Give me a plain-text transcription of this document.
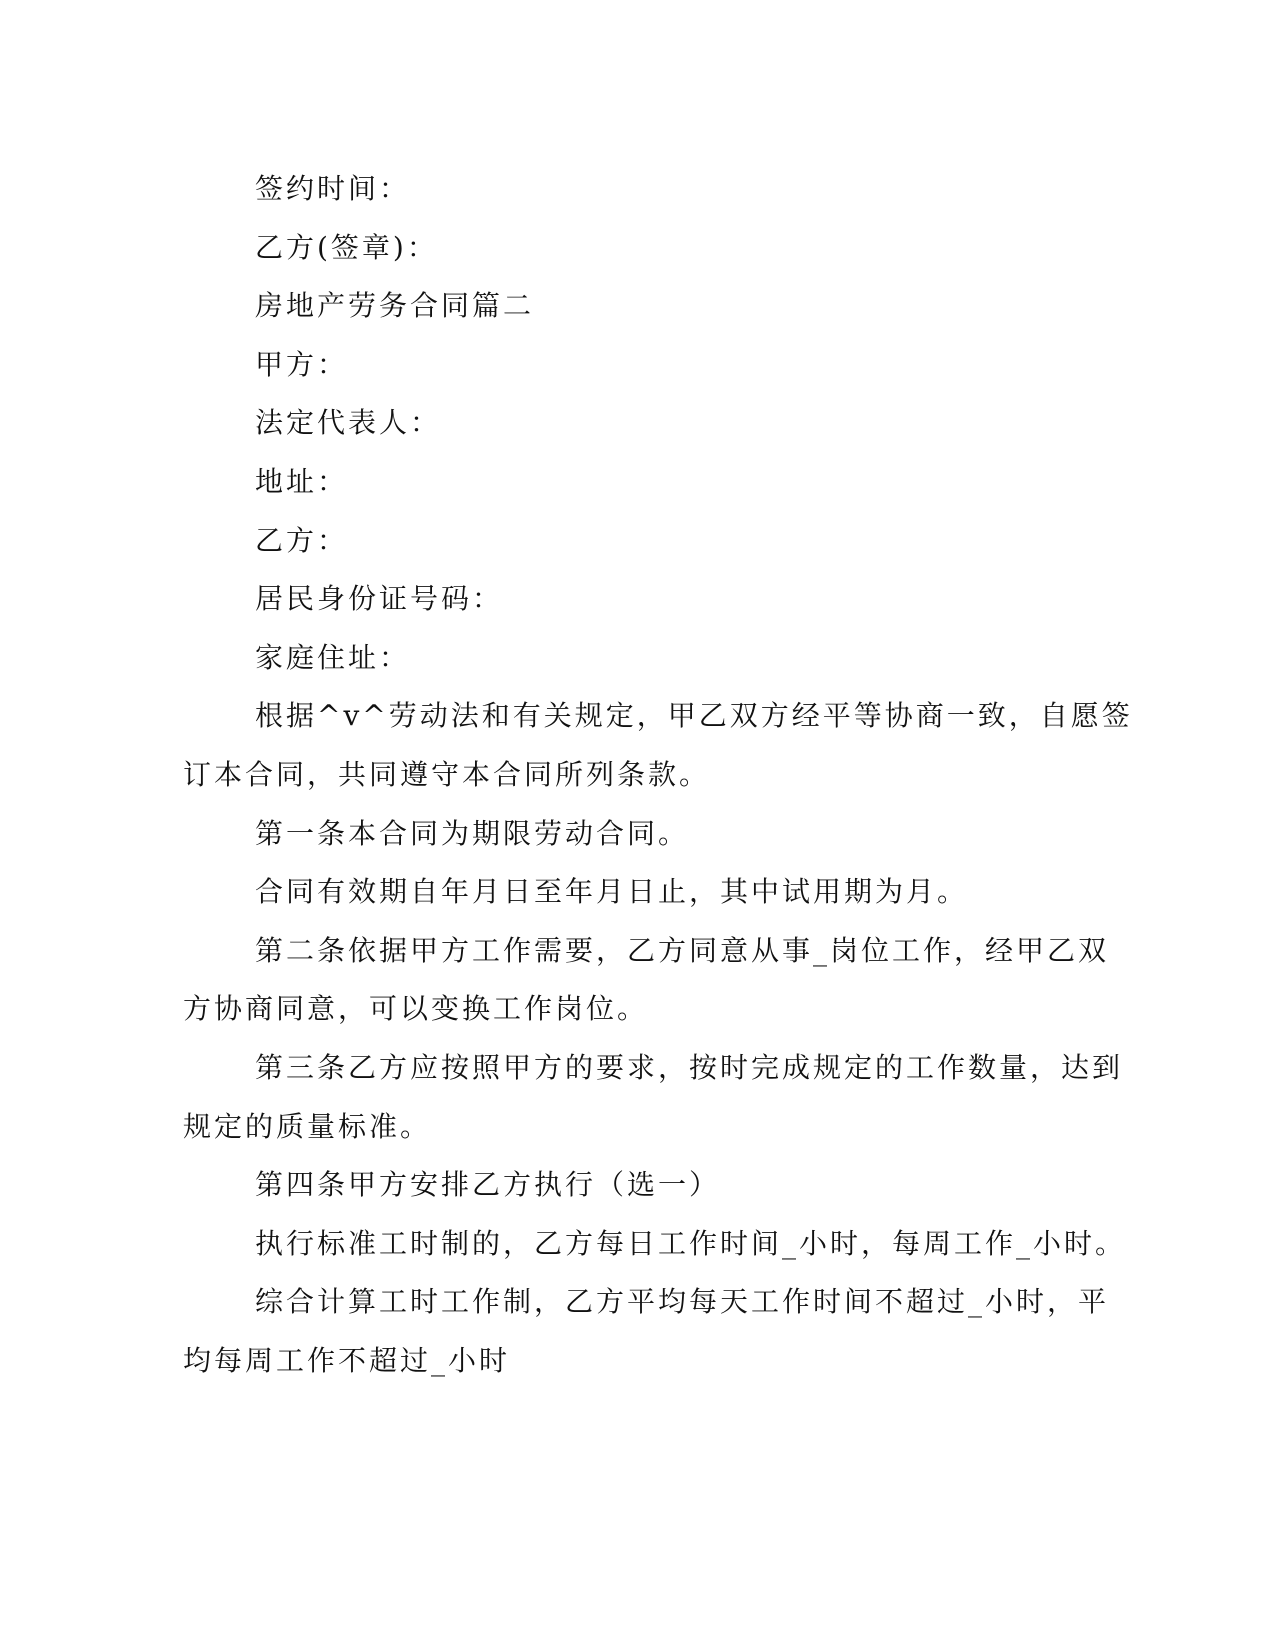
签约时间：
乙方(签章)：
房地产劳务合同篇二
甲方：
法定代表人：
地址：
乙方：
居民身份证号码：
家庭住址：
根据^v^劳动法和有关规定，甲乙双方经平等协商一致，自愿签
订本合同，共同遵守本合同所列条款。
第一条本合同为期限劳动合同。
合同有效期自年月日至年月日止，其中试用期为月。
第二条依据甲方工作需要，乙方同意从事_岗位工作，经甲乙双
方协商同意，可以变换工作岗位。
第三条乙方应按照甲方的要求，按时完成规定的工作数量，达到
规定的质量标准。
第四条甲方安排乙方执行（选一）
执行标准工时制的，乙方每日工作时间_小时，每周工作_小时。
综合计算工时工作制，乙方平均每天工作时间不超过_小时，平
均每周工作不超过_小时
